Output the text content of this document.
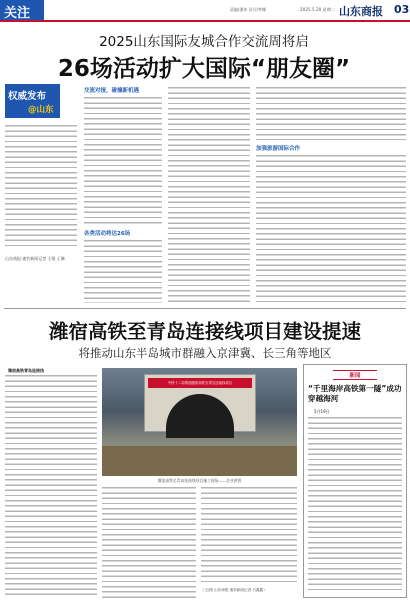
关注	责编/潘伟 设计/李娜	2025.5.20 星期二 山东商报 03
2025山东国际友城合作交流周将启
26场活动扩大国际“朋友圈”
权威发布
@山东
山东商报·速豹新闻记者 王媛 王琳
交流对接，碰撞新机遇
各类活动将达26场
加强旅游国际合作
潍宿高铁至青岛连接线项目建设提速
将推动山东半岛城市群融入京津冀、长三角等地区
潍宿高铁青岛连接线
中铁十二局集团潍宿高铁至青岛连接线项目
潍宿高铁至青岛连接线项目施工现场——企业供图
（文/图 山东商报·速豹新闻记者 白鑫鑫）
新闻
“千里海岸高铁第一隧”成功穿越海河
5月19日
